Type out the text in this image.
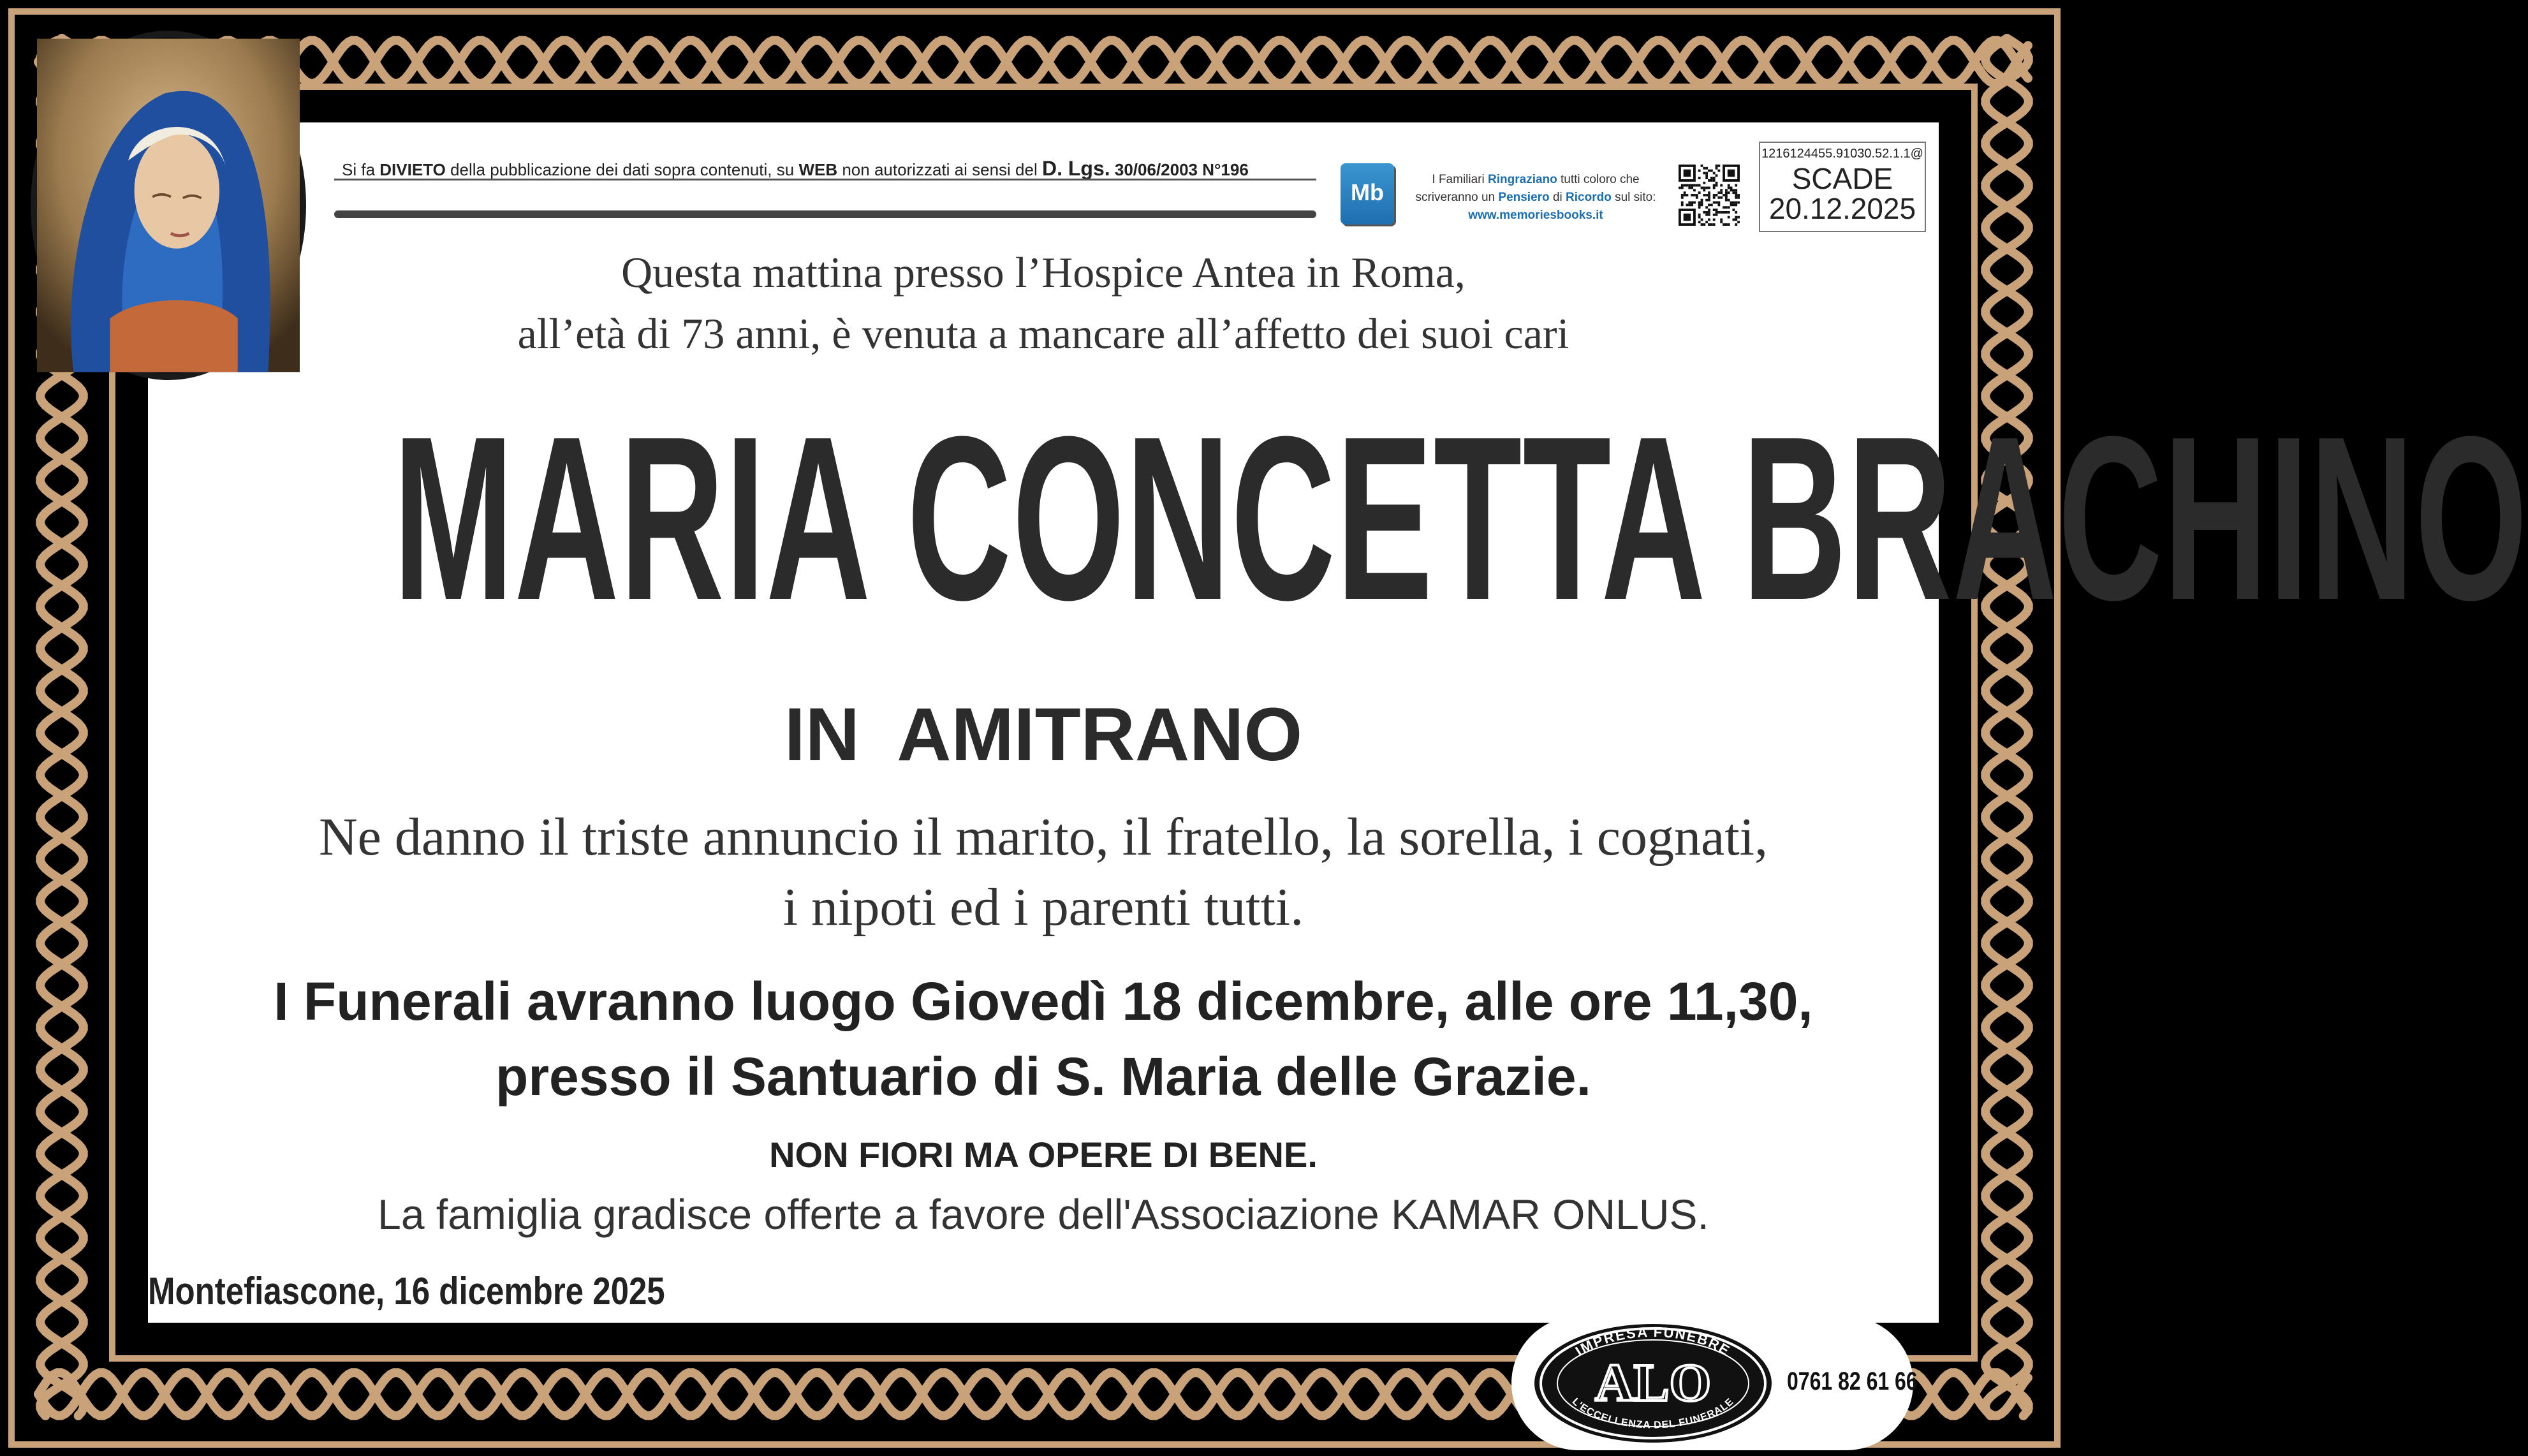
Si fa DIVIETO della pubblicazione dei dati sopra contenuti, su WEB non autorizzati ai sensi del D. Lgs. 30/06/2003 N°196
Mb	I Familiari Ringraziano tutti coloro che
scriveranno un Pensiero di Ricordo sul sito:
www.memoriesbooks.it
1216124455.91030.52.1.1@
SCADE
20.12.2025
Questa mattina presso l’Hospice Antea in Roma,
all’età di 73 anni, è venuta a mancare all’affetto dei suoi cari
MARIA CONCETTA BRACHINO
IN AMITRANO
Ne danno il triste annuncio il marito, il fratello, la sorella, i cognati,
i nipoti ed i parenti tutti.
I Funerali avranno luogo Giovedì 18 dicembre, alle ore 11,30,
presso il Santuario di S. Maria delle Grazie.
NON FIORI MA OPERE DI BENE.
La famiglia gradisce offerte a favore dell'Associazione KAMAR ONLUS.
Montefiascone, 16 dicembre 2025
IMPRESA FUNEBRE
L'ECCELLENZA DEL FUNERALE
ALO	0761 82 61 66
